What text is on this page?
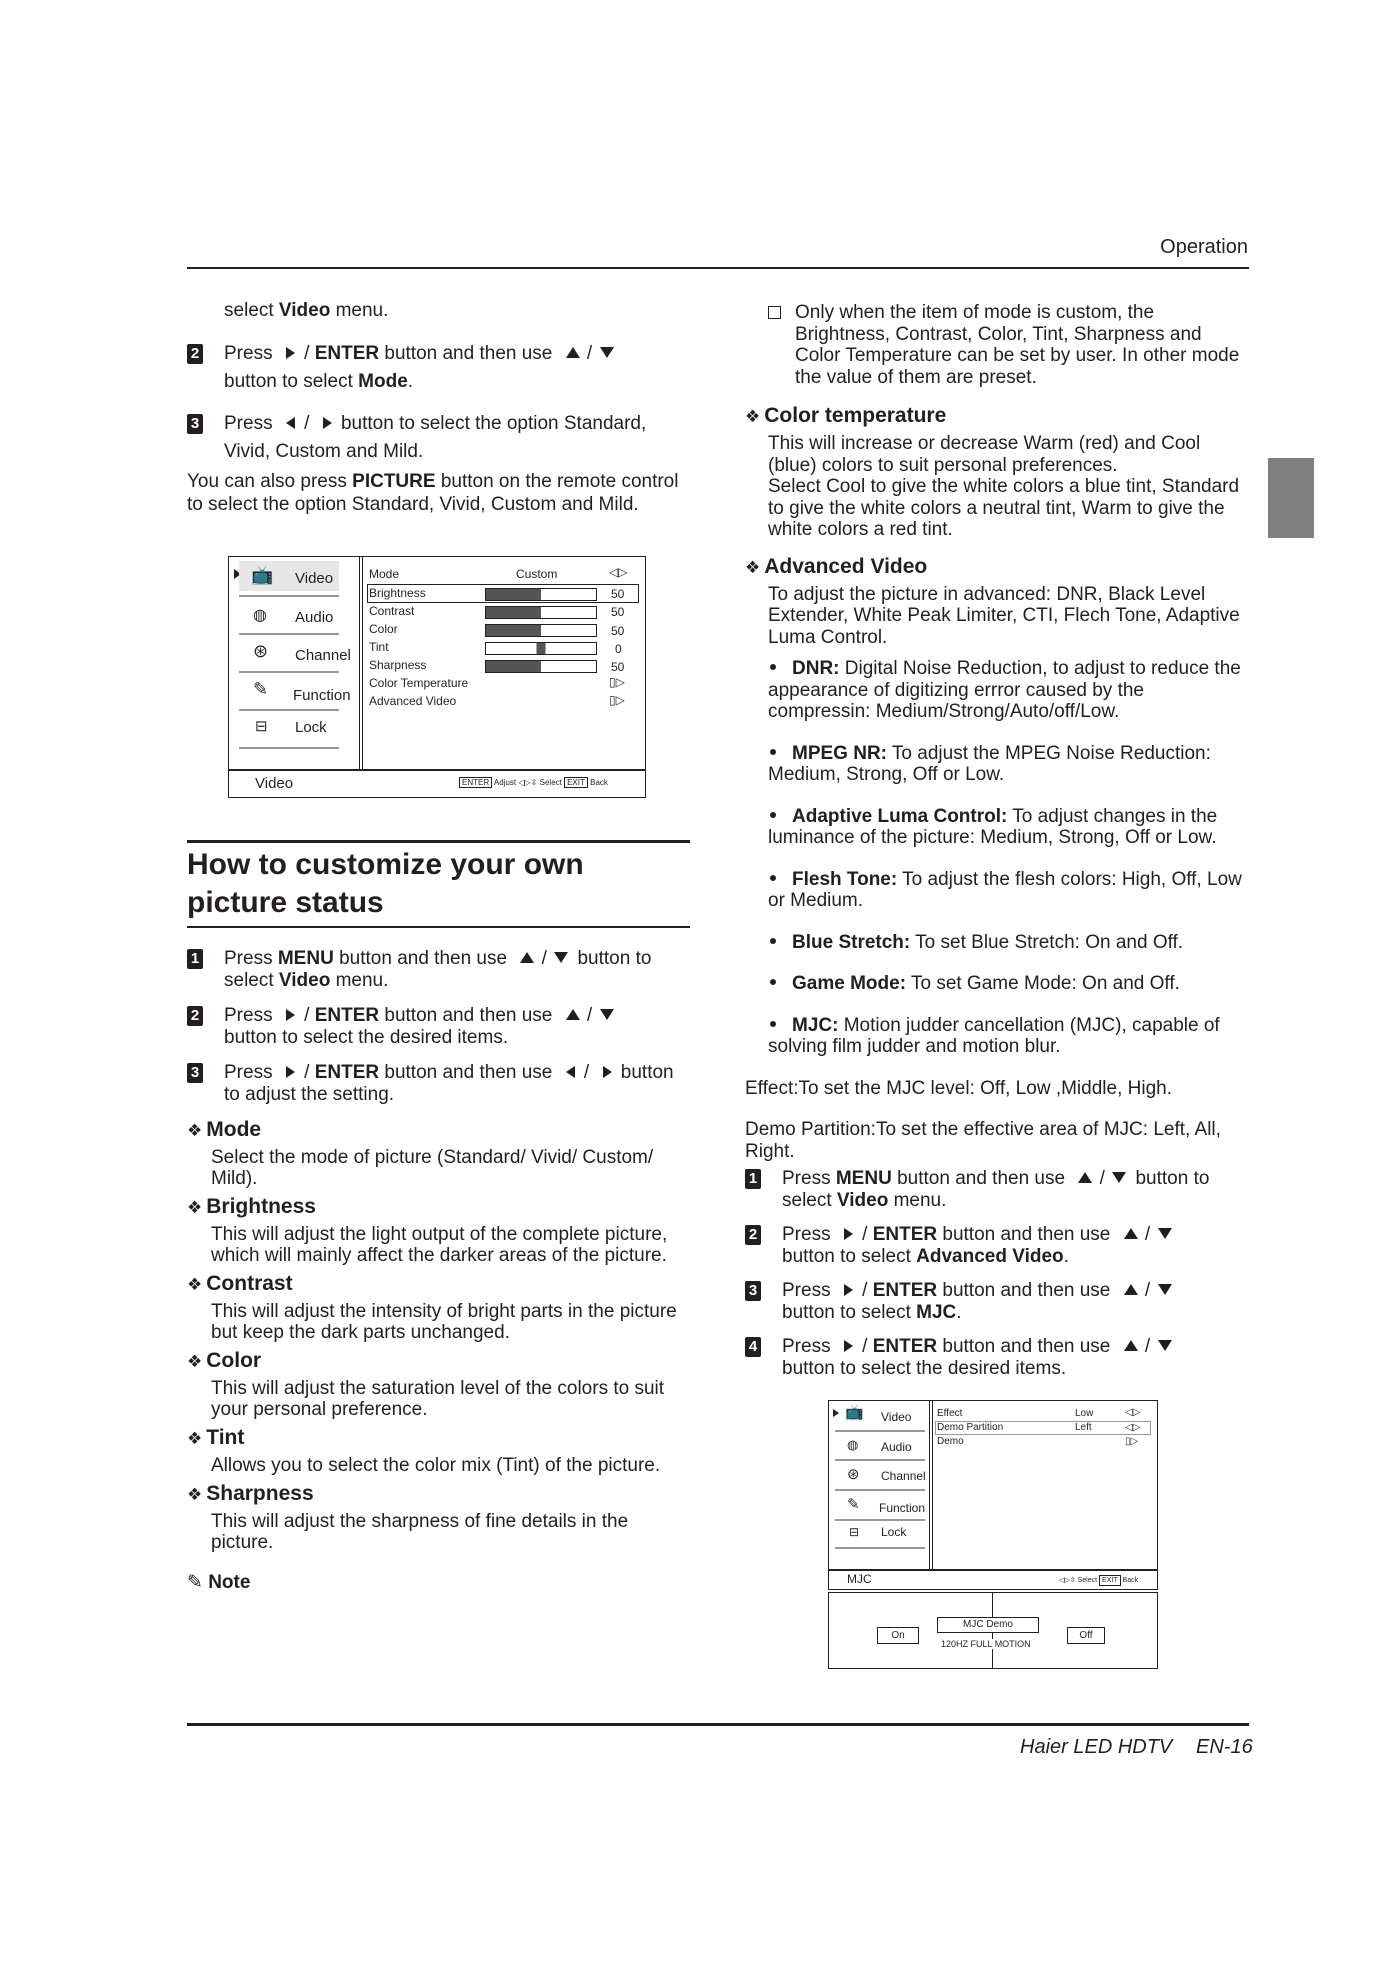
Operation
Haier LED HDTV EN-16

select Video menu.

2 Press  / ENTER button and then use  /
button to select Mode.

3 Press  /  button to select the option Standard, Vivid, Custom and Mild.

You can also press PICTURE button on the remote control to select the option Standard, Vivid, Custom and Mild.

📺 Video
◍ Audio
⊛ Channel
✎ Function
⊟ Lock
Mode	Custom	◁▷
Brightness	50
Contrast	50
Color	50
Tint	0
Sharpness	50
Color Temperature	▯▷
Advanced Video	▯▷
Video	ENTER Adjust ◁▷⇳ Select EXIT Back
How to customize your own picture status

1 Press MENU button and then use  /  button to select Video menu.

2 Press  / ENTER button and then use  /
button to select the desired items.

3 Press  / ENTER button and then use  /  button to adjust the setting.

❖ Mode
Select the mode of picture (Standard/ Vivid/ Custom/ Mild).
❖ Brightness
This will adjust the light output of the complete picture, which will mainly affect the darker areas of the picture.
❖ Contrast
This will adjust the intensity of bright parts in the picture but keep the dark parts unchanged.
❖ Color
This will adjust the saturation level of the colors to suit your personal preference.
❖ Tint
Allows you to select the color mix (Tint) of the picture.
❖ Sharpness
This will adjust the sharpness of fine details in the picture.
✎ Note
Only when the item of mode is custom, the Brightness, Contrast, Color, Tint, Sharpness and Color Temperature can be set by user. In other mode the value of them are preset.
❖ Color temperature
This will increase or decrease Warm (red) and Cool (blue) colors to suit personal preferences.
Select Cool to give the white colors a blue tint, Standard to give the white colors a neutral tint, Warm to give the white colors a red tint.
❖ Advanced Video
To adjust the picture in advanced: DNR, Black Level Extender, White Peak Limiter, CTI, Flech Tone, Adaptive Luma Control.

DNR: Digital Noise Reduction, to adjust to reduce the appearance of digitizing errror caused by the compressin: Medium/Strong/Auto/off/Low.

MPEG NR: To adjust the MPEG Noise Reduction: Medium, Strong, Off or Low.

Adaptive Luma Control: To adjust changes in the luminance of the picture: Medium, Strong, Off or Low.

Flesh Tone: To adjust the flesh colors: High, Off, Low or Medium.

Blue Stretch: To set Blue Stretch: On and Off.

Game Mode: To set Game Mode: On and Off.

MJC: Motion judder cancellation (MJC), capable of solving film judder and motion blur.

Effect:To set the MJC level: Off, Low ,Middle, High.

Demo Partition:To set the effective area of MJC: Left, All, Right.

1 Press MENU button and then use  /  button to select Video menu.

2 Press  / ENTER button and then use  /
button to select Advanced Video.

3 Press  / ENTER button and then use  /
button to select MJC.

4 Press  / ENTER button and then use  /
button to select the desired items.

📺 Video
◍ Audio
⊛ Channel
✎ Function
⊟ Lock
Effect	Low	◁▷
Demo Partition	Left	◁▷
Demo	▯▷
MJC	◁▷⇳ Select EXIT Back
On
MJC Demo
120HZ FULL MOTION
Off
